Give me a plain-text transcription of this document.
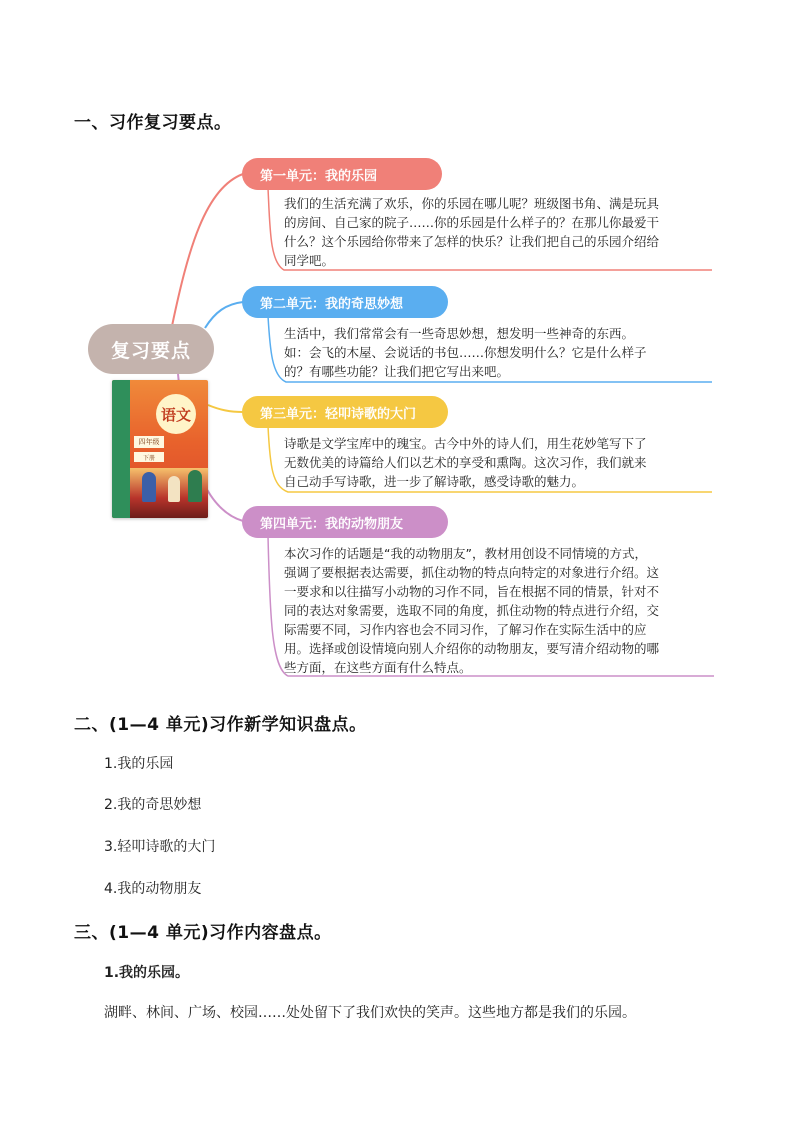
一、习作复习要点。
复习要点
语文
四年级
下册
第一单元：我的乐园
我们的生活充满了欢乐，你的乐园在哪儿呢？班级图书角、满是玩具
的房间、自己家的院子……你的乐园是什么样子的？在那儿你最爱干
什么？这个乐园给你带来了怎样的快乐？让我们把自己的乐园介绍给
同学吧。
第二单元：我的奇思妙想
生活中，我们常常会有一些奇思妙想，想发明一些神奇的东西。
如：会飞的木屋、会说话的书包……你想发明什么？它是什么样子
的？有哪些功能？让我们把它写出来吧。
第三单元：轻叩诗歌的大门
诗歌是文学宝库中的瑰宝。古今中外的诗人们，用生花妙笔写下了
无数优美的诗篇给人们以艺术的享受和熏陶。这次习作，我们就来
自己动手写诗歌，进一步了解诗歌，感受诗歌的魅力。
第四单元：我的动物朋友
本次习作的话题是“我的动物朋友”，教材用创设不同情境的方式，
强调了要根据表达需要，抓住动物的特点向特定的对象进行介绍。这
一要求和以往描写小动物的习作不同，旨在根据不同的情景，针对不
同的表达对象需要，选取不同的角度，抓住动物的特点进行介绍，交
际需要不同，习作内容也会不同习作，了解习作在实际生活中的应
用。选择或创设情境向别人介绍你的动物朋友，要写清介绍动物的哪
些方面，在这些方面有什么特点。
二、(1—4 单元)习作新学知识盘点。
1.我的乐园
2.我的奇思妙想
3.轻叩诗歌的大门
4.我的动物朋友
三、(1—4 单元)习作内容盘点。
1.我的乐园。
湖畔、林间、广场、校园……处处留下了我们欢快的笑声。这些地方都是我们的乐园。
